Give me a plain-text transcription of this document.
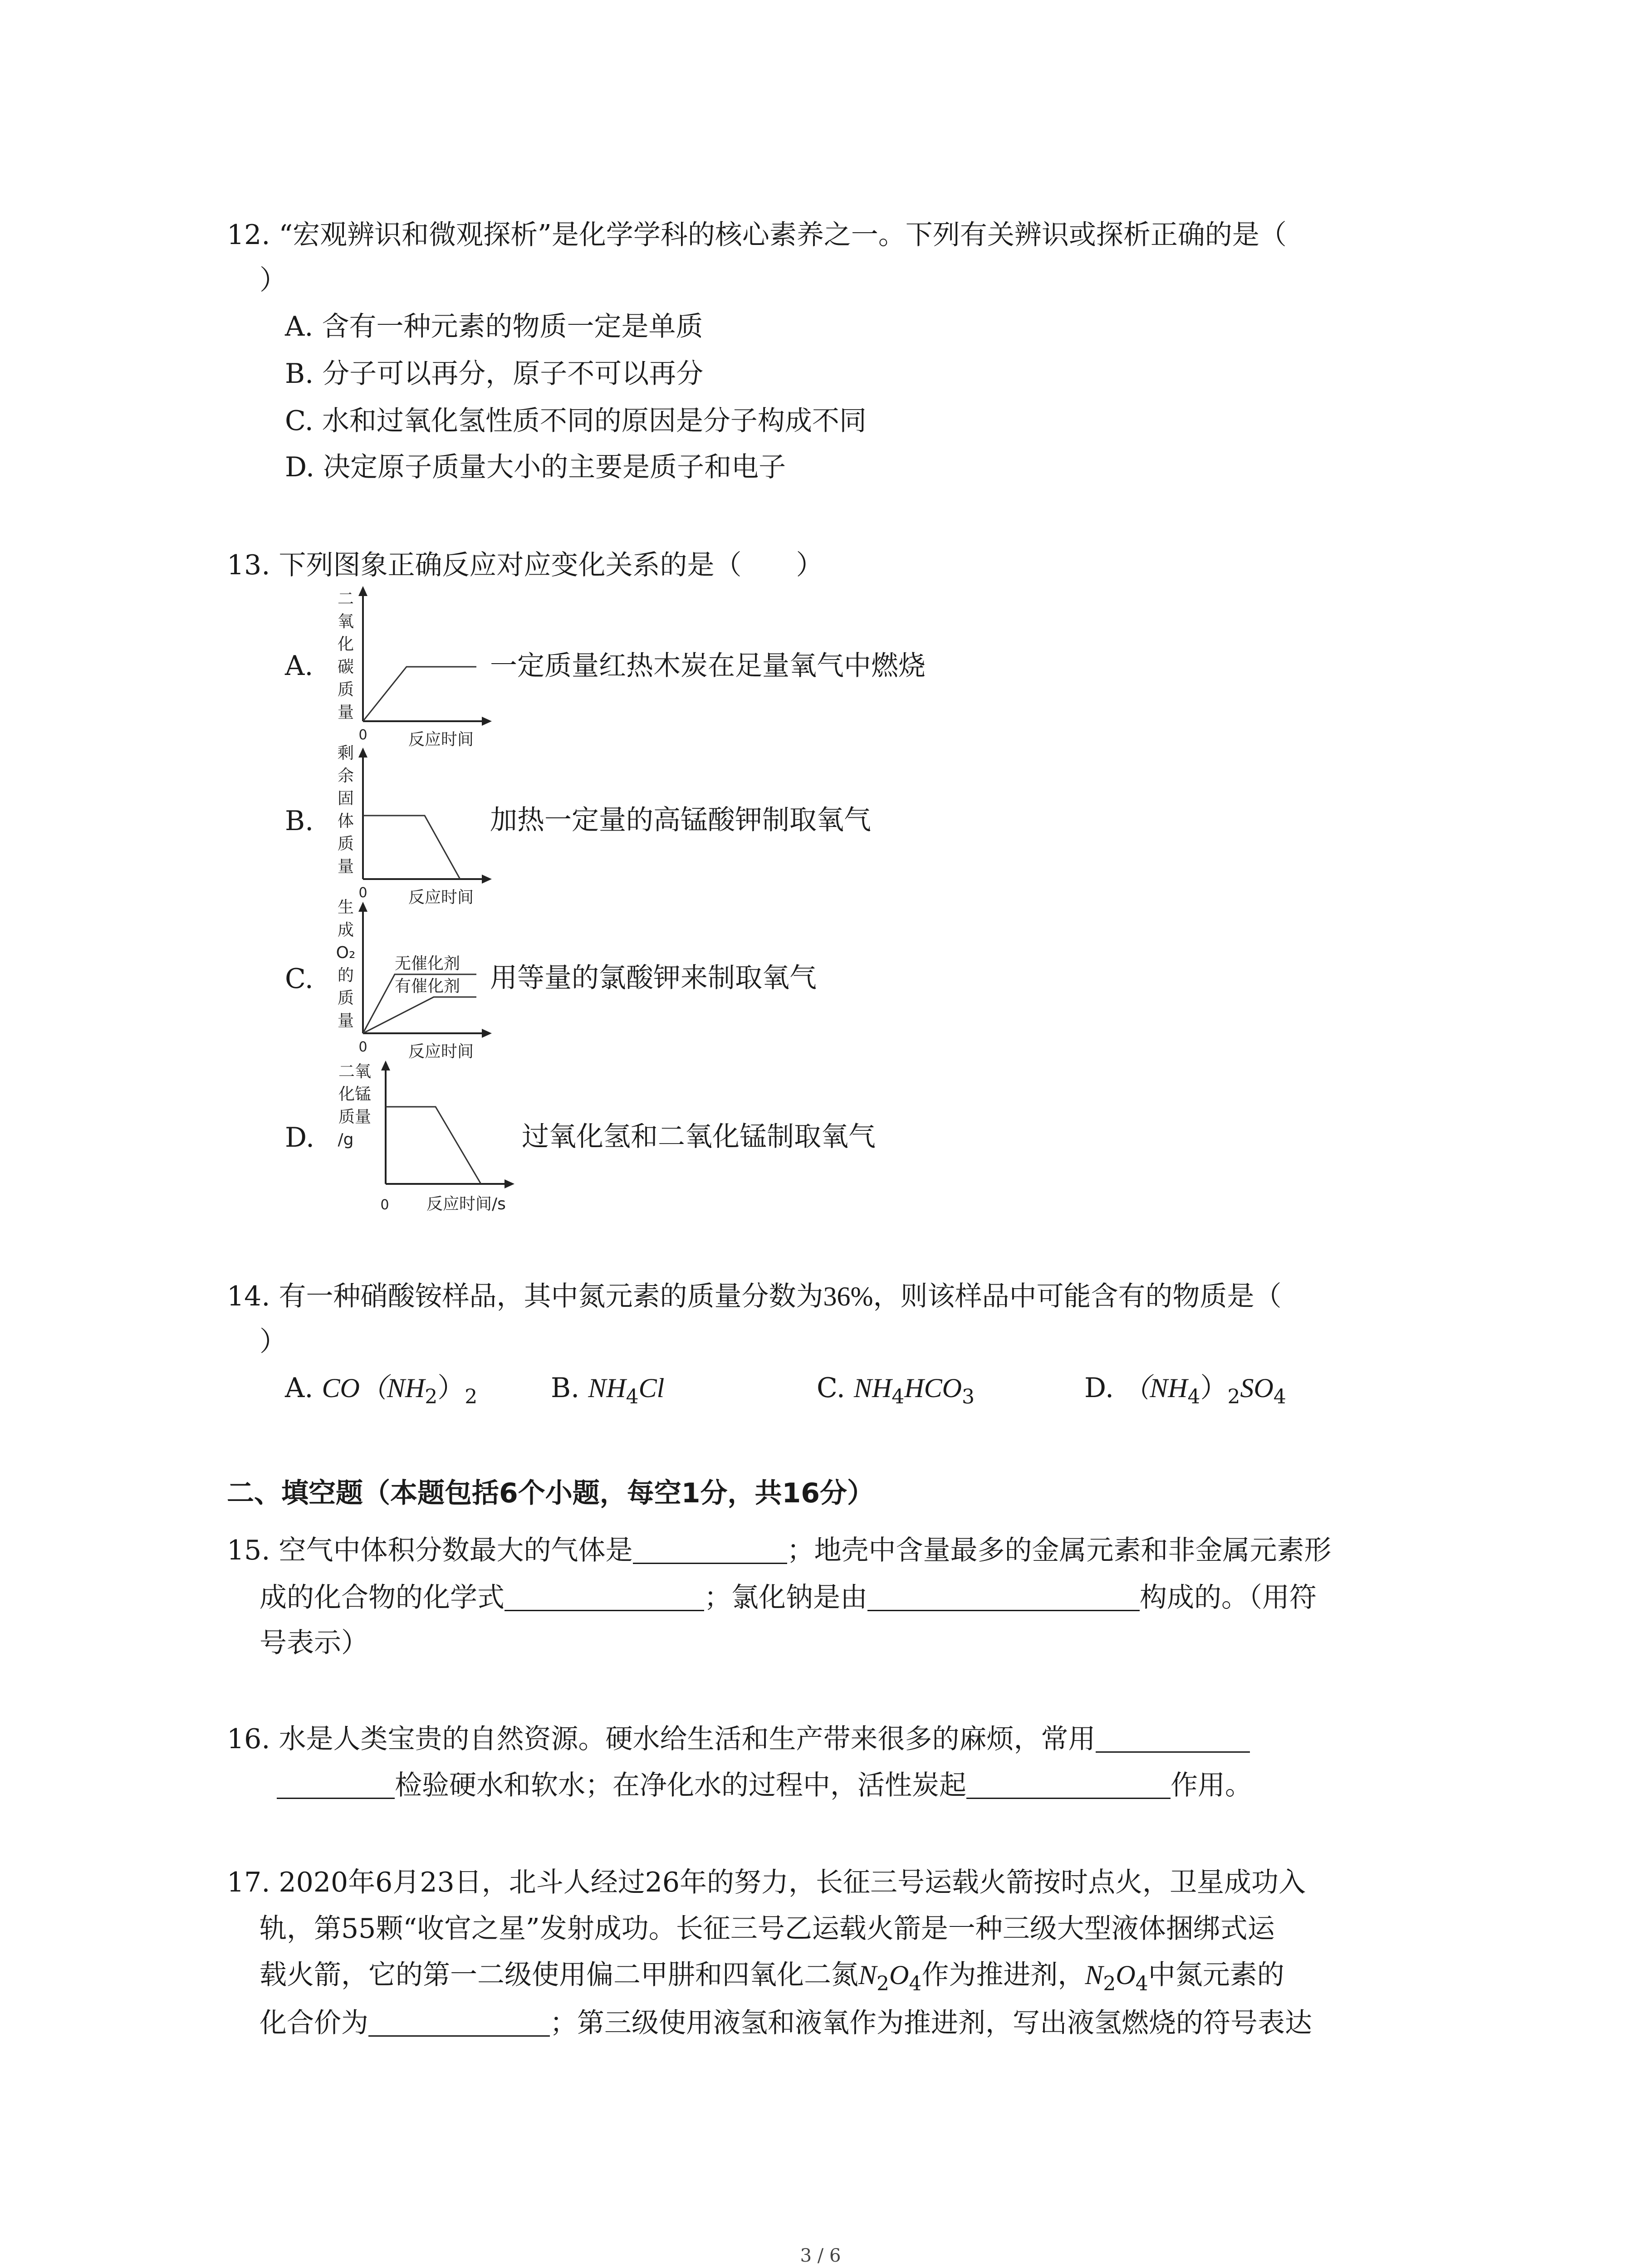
12. “宏观辨识和微观探析”是化学学科的核心素养之一。下列有关辨识或探析正确的是（
）
A. 含有一种元素的物质一定是单质
B. 分子可以再分，原子不可以再分
C. 水和过氧化氢性质不同的原因是分子构成不同
D. 决定原子质量大小的主要是质子和电子
13. 下列图象正确反应对应变化关系的是（　　）
A.
二
氧
化
碳
质
量
0	反应时间
一定质量红热木炭在足量氧气中燃烧
B.
剩
余
固
体
质
量
0	反应时间
加热一定量的高锰酸钾制取氧气
C.
生
成
O₂
的
质
量
无催化剂
有催化剂
0	反应时间
用等量的氯酸钾来制取氧气
D.
二氧
化锰
质量
/g
0 反应时间/s
过氧化氢和二氧化锰制取氧气
14. 有一种硝酸铵样品，其中氮元素的质量分数为36%，则该样品中可能含有的物质是（
）
A. $CO(NH_2)_2$	B. $NH_4Cl$	C. $NH_4HCO_3$	D. $(NH_4)_2SO_4$
二、填空题（本题包括6个小题，每空1分，共16分）
15. 空气中体积分数最大的气体是	；地壳中含量最多的金属元素和非金属元素形
成的化合物的化学式	；氯化钠是由	构成的。（用符
号表示）
16. 水是人类宝贵的自然资源。硬水给生活和生产带来很多的麻烦，常用
检验硬水和软水；在净化水的过程中，活性炭起	作用。
17. 2020年6月23日，北斗人经过26年的努力，长征三号运载火箭按时点火，卫星成功入
轨，第55颗“收官之星”发射成功。长征三号乙运载火箭是一种三级大型液体捆绑式运
载火箭，它的第一二级使用偏二甲肼和四氧化二氮$N_2O_4$作为推进剂，$N_2O_4$中氮元素的
化合价为	；第三级使用液氢和液氧作为推进剂，写出液氢燃烧的符号表达
3 / 6
